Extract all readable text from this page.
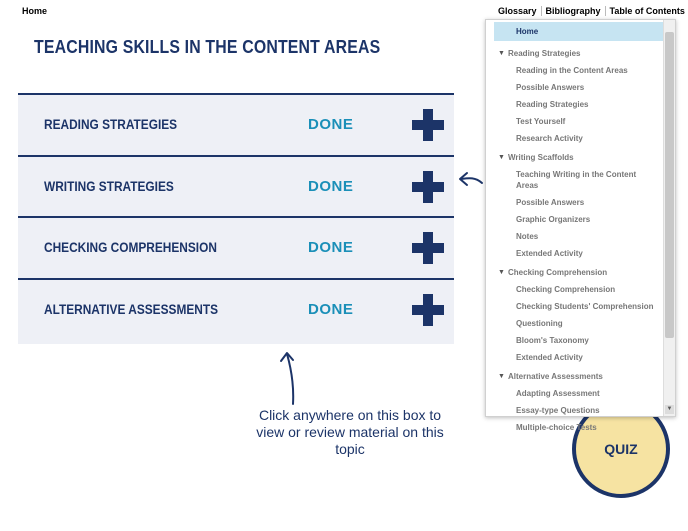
Home	Glossary Bibliography Table of Contents
TEACHING SKILLS IN THE CONTENT AREAS
READING STRATEGIES	DONE
WRITING STRATEGIES	DONE
CHECKING COMPREHENSION	DONE
ALTERNATIVE ASSESSMENTS	DONE
Click anywhere on this box to view or review material on this topic	QUIZ
Home
▼ Reading Strategies
Reading in the Content Areas
Possible Answers
Reading Strategies
Test Yourself
Research Activity
▼ Writing Scaffolds
Teaching Writing in the Content Areas
Possible Answers
Graphic Organizers
Notes
Extended Activity
▼ Checking Comprehension
Checking Comprehension
Checking Students' Comprehension
Questioning
Bloom's Taxonomy
Extended Activity
▼ Alternative Assessments
Adapting Assessment
Essay-type Questions
Multiple-choice Tests
▼
